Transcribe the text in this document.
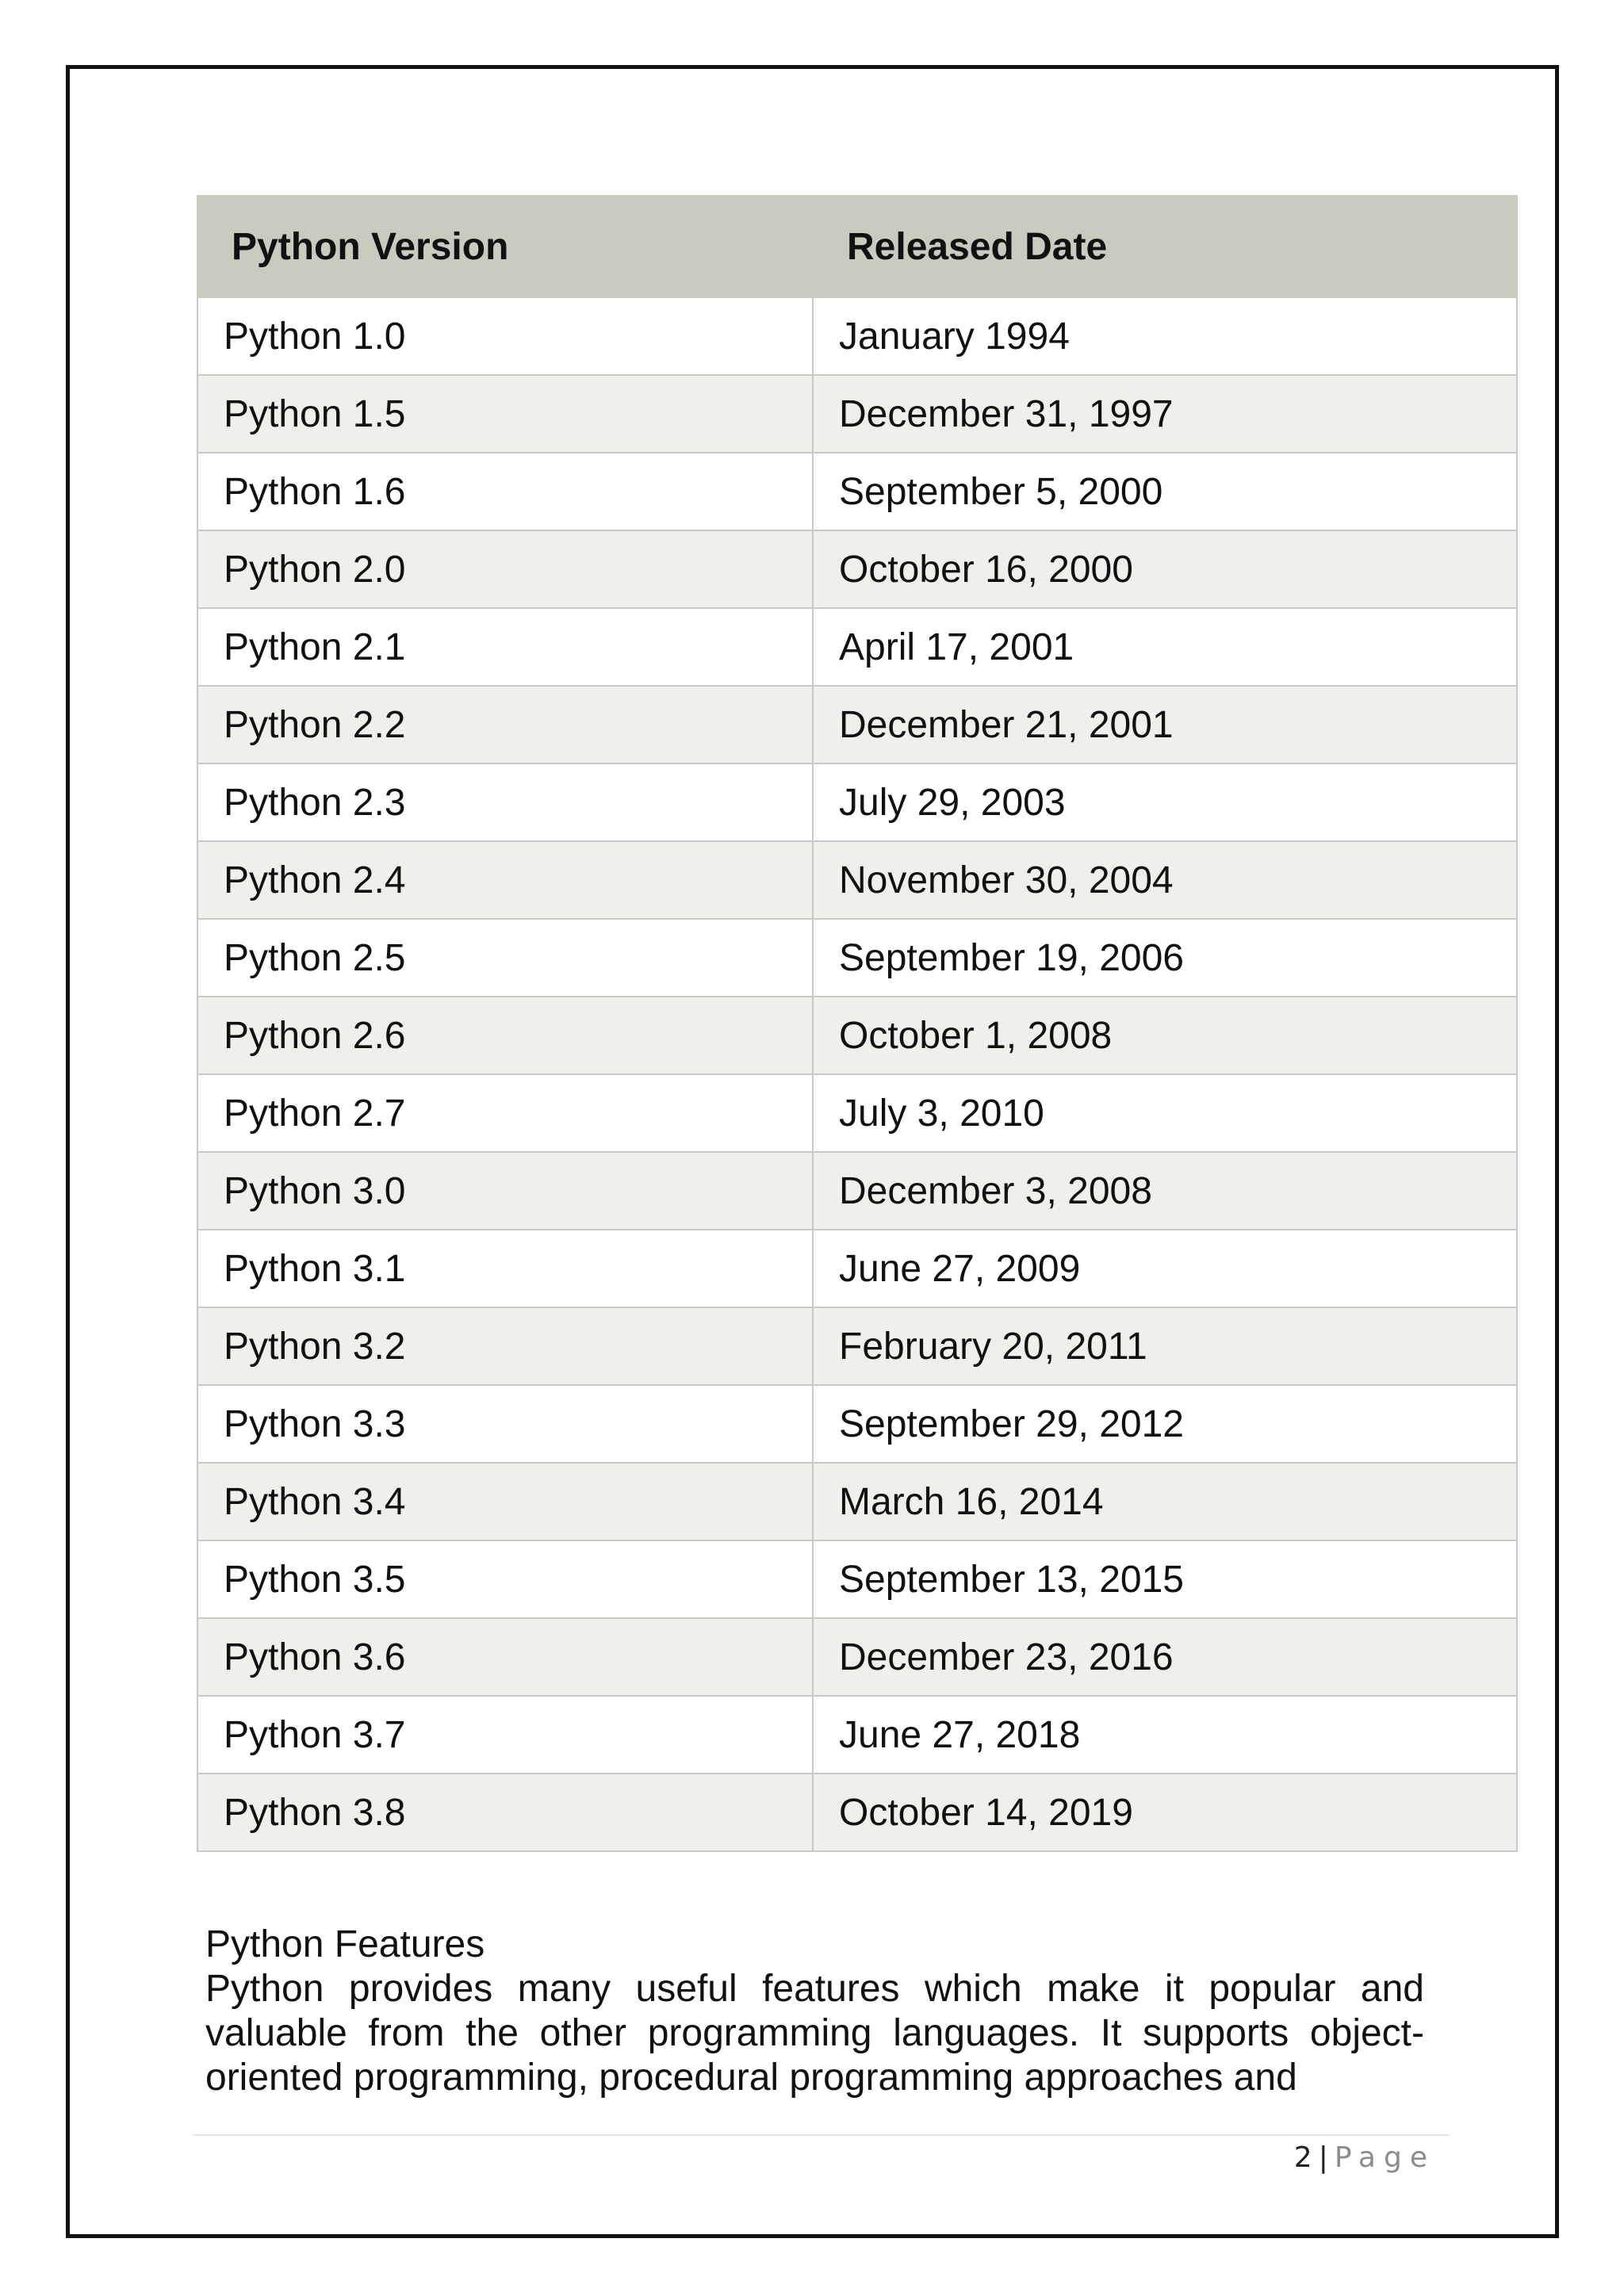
Python Version	Released Date
Python 1.0	January 1994
Python 1.5	December 31, 1997
Python 1.6	September 5, 2000
Python 2.0	October 16, 2000
Python 2.1	April 17, 2001
Python 2.2	December 21, 2001
Python 2.3	July 29, 2003
Python 2.4	November 30, 2004
Python 2.5	September 19, 2006
Python 2.6	October 1, 2008
Python 2.7	July 3, 2010
Python 3.0	December 3, 2008
Python 3.1	June 27, 2009
Python 3.2	February 20, 2011
Python 3.3	September 29, 2012
Python 3.4	March 16, 2014
Python 3.5	September 13, 2015
Python 3.6	December 23, 2016
Python 3.7	June 27, 2018
Python 3.8	October 14, 2019
Python Features

Python provides many useful features which make it popular and valuable from the other programming languages. It supports object-oriented programming, procedural programming approaches and

2 | Page
